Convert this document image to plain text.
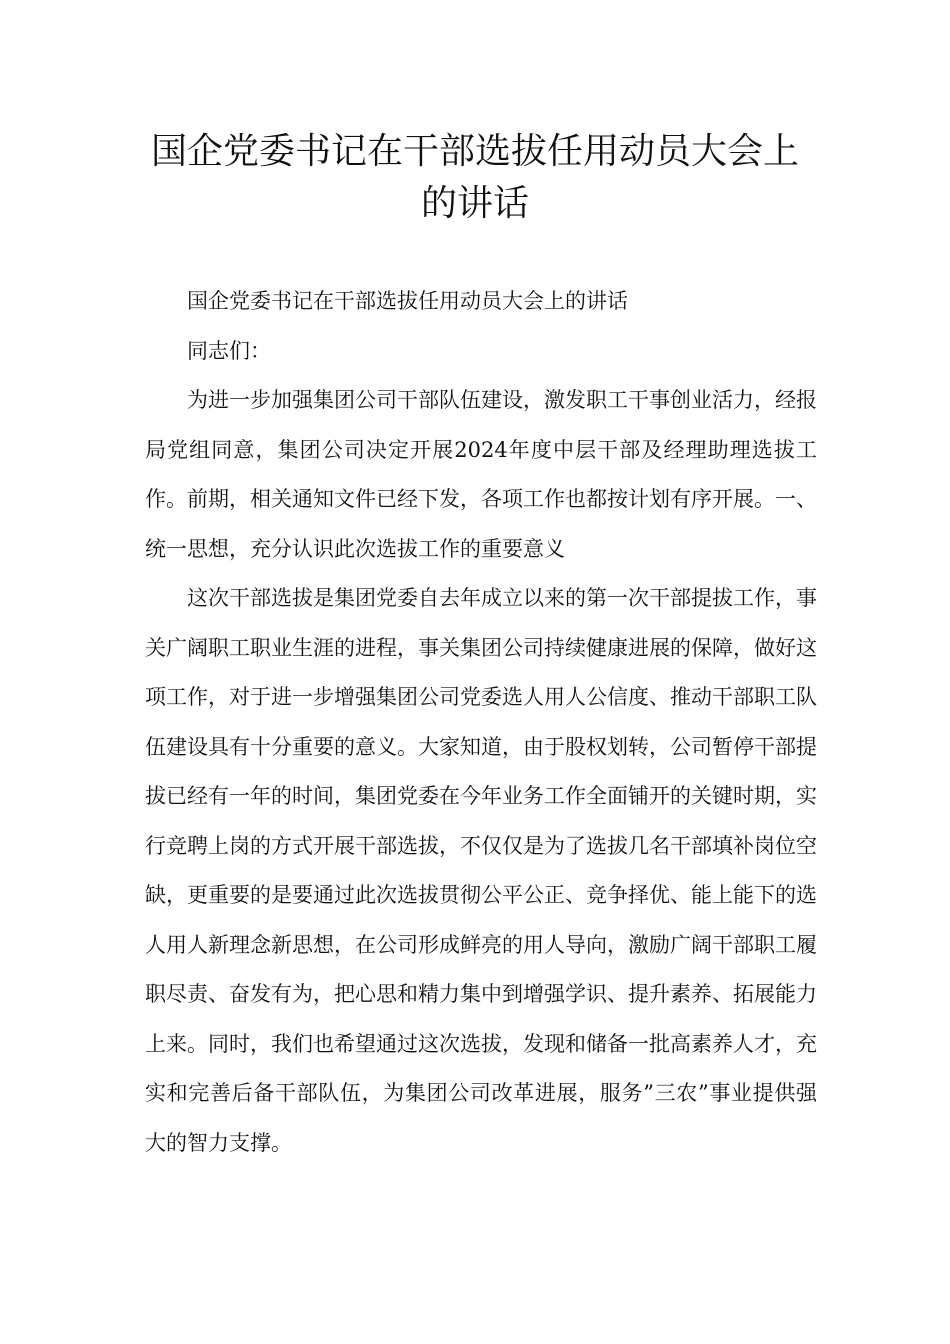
国企党委书记在干部选拔任用动员大会上的讲话

国企党委书记在干部选拔任用动员大会上的讲话

同志们：

为进一步加强集团公司干部队伍建设，激发职工干事创业活力，经报局党组同意，集团公司决定开展2024年度中层干部及经理助理选拔工作。前期，相关通知文件已经下发，各项工作也都按计划有序开展。一、统一思想，充分认识此次选拔工作的重要意义

这次干部选拔是集团党委自去年成立以来的第一次干部提拔工作，事关广阔职工职业生涯的进程，事关集团公司持续健康进展的保障，做好这项工作，对于进一步增强集团公司党委选人用人公信度、推动干部职工队伍建设具有十分重要的意义。大家知道，由于股权划转，公司暂停干部提拔已经有一年的时间，集团党委在今年业务工作全面铺开的关键时期，实行竞聘上岗的方式开展干部选拔，不仅仅是为了选拔几名干部填补岗位空缺，更重要的是要通过此次选拔贯彻公平公正、竞争择优、能上能下的选人用人新理念新思想，在公司形成鲜亮的用人导向，激励广阔干部职工履职尽责、奋发有为，把心思和精力集中到增强学识、提升素养、拓展能力上来。同时，我们也希望通过这次选拔，发现和储备一批高素养人才，充实和完善后备干部队伍，为集团公司改革进展，服务”三农”事业提供强大的智力支撑。
